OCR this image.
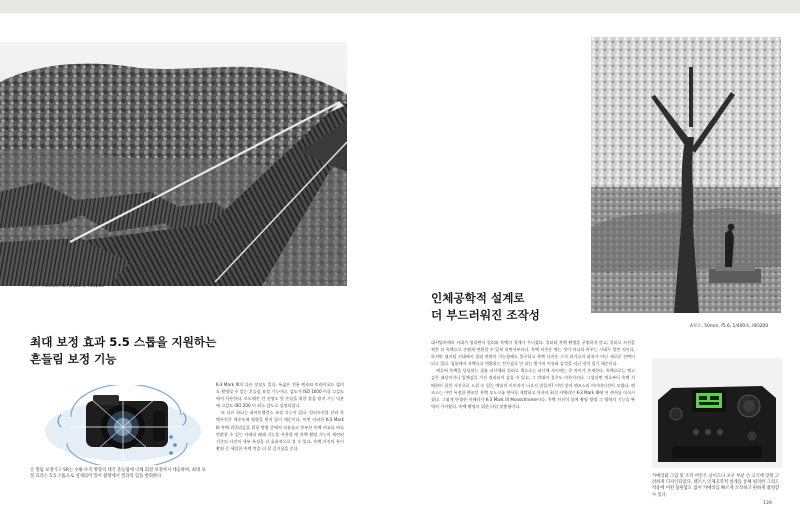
A모드, 50mm, f8, 1/400초, ISO200
최대 보정 효과 5.5 스톱을 지원하는
흔들림 보정 기능
손 떨림 보정기구 SR는 수평·수직 방향의 대각 흔들림에 더해 회전 보정까지 대응하며, 최대 보정 효과는 5.5 스톱으로 설계되어 있어 촬영에서 결과의 힘을 발휘한다.

K-3 Mark III의 다른 장점도 있다. 폭넓은 전용 렌즈와 트라이포드 없이도 촬영할 수 있는 흔들림 보정 기능이다. 감도가 ISO 1600 이상 고감도에서 사용한다. 토도해진 잔 선명도 및 손실을 위한 잡음 방지 기능 덕분에 고감도 ISO 200 이 최소 감도로 설정되었다.

또 다른 하나는 화이트밸런스 조정 기능이 있다. 컬러사진과 달리 흑백사진은 색온도에 영향을 받지 않기 때문이다. 이번 이러한 K-3 Mark III 흑백 리얼리즘을 위한 방법 중에서 자유롭고 풍부한 흑백 비교를 바로 반환할 수 있는 카메라 폐쇄 기능을 사용할 때 흑백 촬영 기능이 세련된 기존의 사진의 세부 특징을 더 효율적으로 볼 수 있다. 흑백 사진의 톤이 촬영 중 세밀한 흑백 맛을 더 잘 즐거움을 준다.

인체공학적 설계로
더 부드러워진 조작성
A모드, 50mm, f5.6, 1/400초, ISO200

대지털카메라 시대가 열리면서 컬러와 흑백의 경계가 무너졌다. 컬러와 흑백 촬영을 구별하지 않고, 컬러로 사진을 찍은 뒤 흑백으로 손쉽게 변환할 수 있게 되면서부터다. 흑백 사진은 찍는 것이 아니라 바꾸는 시대가 열린 것이다. 하지만 대지털 시대에서 컬러 변환이 가능함에도 불구하고 흑백 사진은 그저 과거로의 회귀가 아닌 새로운 선택이 되고 있다. 필름에서 흑백으로 변환하는 컨가필로 안 되는 뭔가의 이유와 감성을 지닌 것이 있기 때문이다.

예로써 흑백을 담당하는 필름 피사체와 컬러로 책으로는 피사체 사이에는 큰 차이가 존재한다. 흑백으로는 찍고 싶은 대상이거나 입체감을 가진 정리되어 감을 수 있고, 그 반대의 경우도 마찬가지다. 그렇다면 예로부터 흑백 지배력이 잡힌 사진으로 느낄 수 있는 예술적 이미지가 나오지 않을까? 이번 장비 렌즈스의 아이데이전이 모였다. 렌즈스는 이번 특정한 렌즈인 흑백 모노크롬 센서를 개발하고 자사의 최신 카메라인 K-3 Mark III에 이 센서를 이식시켰다. 그렇게 탄생한 카메라가 K-3 Mark III Monochrome이다. 흑백 사진의 뒤에 촬영 방법 그 영역의 기능을 완벽히 가져왔다. 흑백 촬영의 위한 타입 맞춤형이다.

카메라와 그립 및 조작 버튼은 난이도나 포우 부분 손 크기에 맞춰 고려하게 디자인되었다. 렌즈스 인체공학적 설계를 통해 편리한 그리드 적용에 어떤 불편함도 없이 카메라를 빠르게 조작하고 편하게 촬영할 수 있다.
139
